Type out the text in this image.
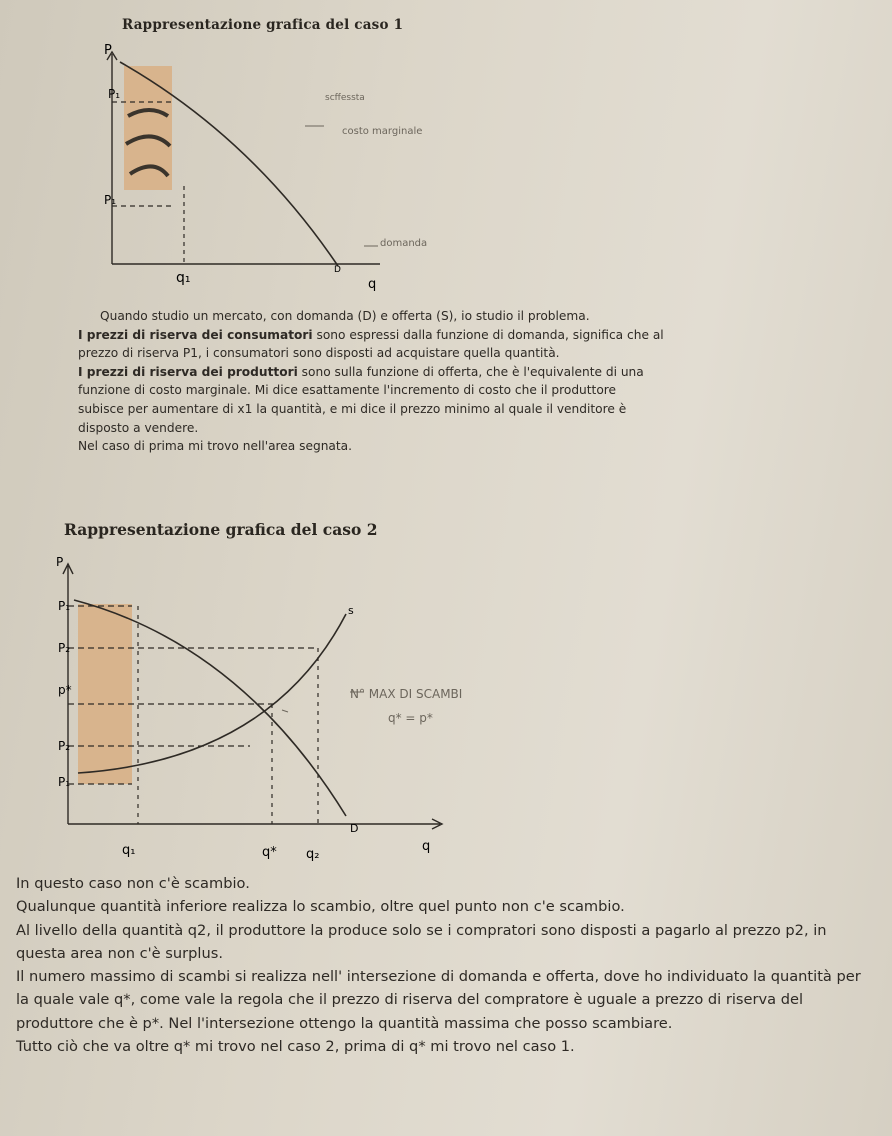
Rappresentazione grafica del caso 1
P
P₁
P₁
q₁	q
D
scffessta
costo marginale
domanda

Quando studio un mercato, con domanda (D) e offerta (S), io studio il problema.

I prezzi di riserva dei consumatori sono espressi dalla funzione di domanda, significa che al

prezzo di riserva P1, i consumatori sono disposti ad acquistare quella quantità.

I prezzi di riserva dei produttori sono sulla funzione di offerta, che è l'equivalente di una

funzione di costo marginale. Mi dice esattamente l'incremento di costo che il produttore

subisce per aumentare di x1 la quantità, e mi dice il prezzo minimo al quale il venditore è

disposto a vendere.

Nel caso di prima mi trovo nell'area segnata.

Rappresentazione grafica del caso 2
P
P₁
P₂
p*
P₂
P₁
q₁	q* q₂
q
s
D
N° MAX DI SCAMBI
q* = p*

In questo caso non c'è scambio.

Qualunque quantità inferiore realizza lo scambio, oltre quel punto non c'e scambio.

Al livello della quantità q2, il produttore la produce solo se i compratori sono disposti a pagarlo al prezzo p2, in questa area non c'è surplus.

Il numero massimo di scambi si realizza nell' intersezione di domanda e offerta, dove ho individuato la quantità per la quale vale q*, come vale la regola che il prezzo di riserva del compratore è uguale a prezzo di riserva del produttore che è p*. Nel l'intersezione ottengo la quantità massima che posso scambiare.

Tutto ciò che va oltre q* mi trovo nel caso 2, prima di q* mi trovo nel caso 1.
